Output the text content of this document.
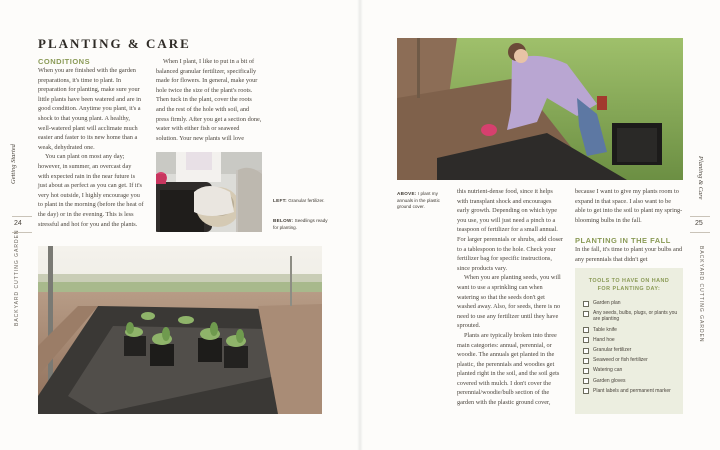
PLANTING & CARE
CONDITIONS

When you are finished with the garden preparations, it's time to plant. In preparation for planting, make sure your little plants have been watered and are in good condition. Anytime you plant, it's a shock to that young plant. A healthy, well-watered plant will acclimate much easier and faster to its new home than a weak, dehydrated one.

You can plant on most any day; however, in summer, an overcast day with expected rain in the near future is just about as perfect as you can get. If it's very hot outside, I highly encourage you to plant in the morning (before the heat of the day) or in the evening. This is less stressful and hot for you and the plants.

When I plant, I like to put in a bit of balanced granular fertilizer, specifically made for flowers. In general, make your hole twice the size of the plant's roots. Then tuck in the plant, cover the roots and the rest of the hole with soil, and press firmly. After you get a section done, water with either fish or seaweed solution. Your new plants will love

LEFT: Granular fertilizer.
BELOW: Seedlings ready for planting.
Getting Started
24
BACKYARD CUTTING GARDEN
ABOVE: I plant my annuals in the plastic ground cover.

this nutrient-dense food, since it helps with transplant shock and encourages early growth. Depending on which type you use, you will just need a pinch to a teaspoon of fertilizer for a small annual. For larger perennials or shrubs, add closer to a tablespoon to the hole. Check your fertilizer bag for specific instructions, since products vary.

When you are planting seeds, you will want to use a sprinkling can when watering so that the seeds don't get washed away. Also, for seeds, there is no need to use any fertilizer until they have sprouted.

Plants are typically broken into three main categories: annual, perennial, or woodie. The annuals get planted in the plastic, the perennials and woodies get planted right in the soil, and the soil gets covered with mulch. I don't cover the perennial/woodie/bulb section of the garden with the plastic ground cover,

because I want to give my plants room to expand in that space. I also want to be able to get into the soil to plant my spring-blooming bulbs in the fall.

PLANTING IN THE FALL

In the fall, it's time to plant your bulbs and any perennials that didn't get

TOOLS TO HAVE ON HAND FOR PLANTING DAY:
Garden plan
Any seeds, bulbs, plugs, or plants you are planting
Table knife
Hand hoe
Granular fertilizer
Seaweed or fish fertilizer
Watering can
Garden gloves
Plant labels and permanent marker
Planting & Care
25
BACKYARD CUTTING GARDEN
